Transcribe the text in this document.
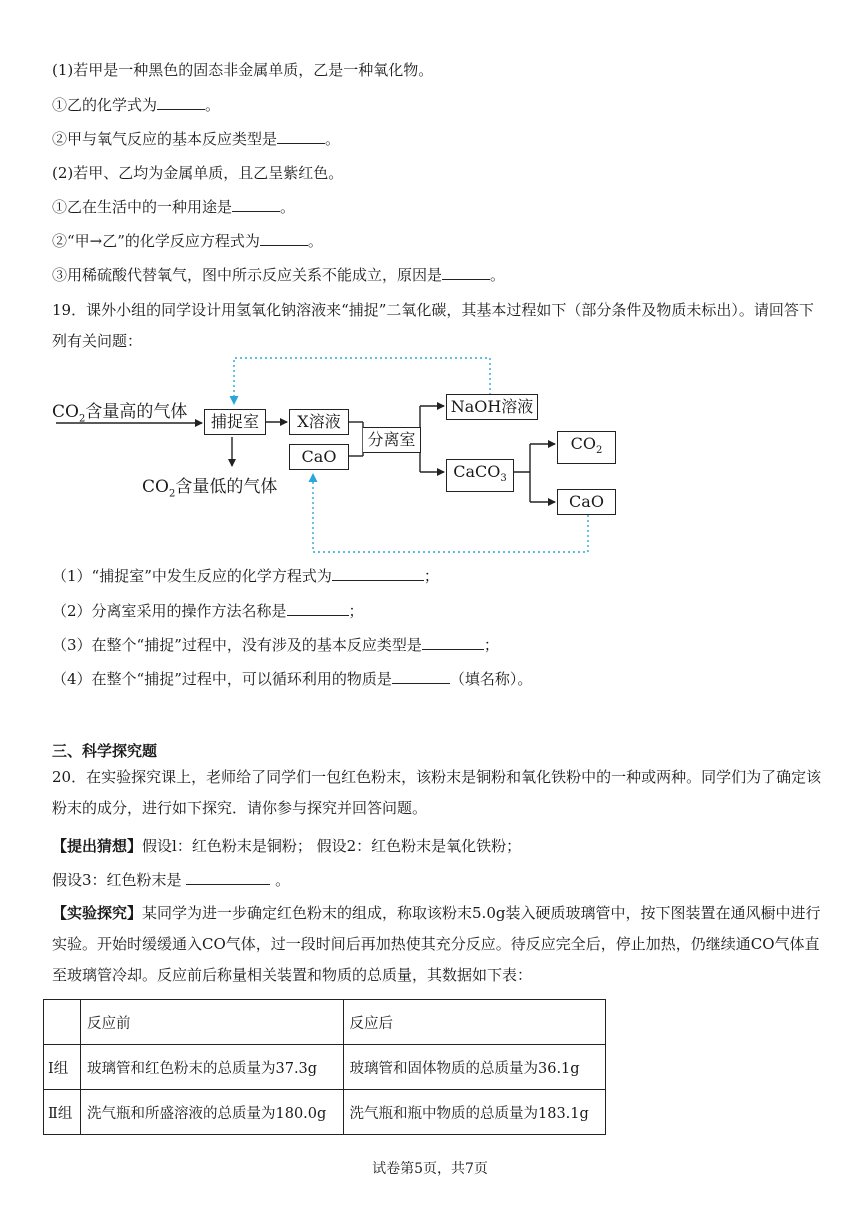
(1)若甲是一种黑色的固态非金属单质，乙是一种氧化物。
①乙的化学式为	。
②甲与氧气反应的基本反应类型是	。
(2)若甲、乙均为金属单质，且乙呈紫红色。
①乙在生活中的一种用途是	。
②“甲→乙”的化学反应方程式为	。
③用稀硫酸代替氧气，图中所示反应关系不能成立，原因是	。
19．课外小组的同学设计用氢氧化钠溶液来“捕捉”二氧化碳，其基本过程如下（部分条件及物质未标出）。请回答下列有关问题：
$CO_2$含量高的气体	捕捉室	X溶液
CaO
分离室
NaOH溶液
CaCO$_3$
$CO_2$
CaO
$CO_2$含量低的气体
（1）“捕捉室”中发生反应的化学方程式为	；
（2）分离室采用的操作方法名称是	；
（3）在整个“捕捉”过程中，没有涉及的基本反应类型是	；
（4）在整个“捕捉”过程中，可以循环利用的物质是	（填名称）。
三、科学探究题
20．在实验探究课上，老师给了同学们一包红色粉末，该粉末是铜粉和氧化铁粉中的一种或两种。同学们为了确定该粉末的成分，进行如下探究．请你参与探究并回答问题。
【提出猜想】假设l：红色粉末是铜粉； 假设2：红色粉末是氧化铁粉；
假设3：红色粉末是	。
【实验探究】某同学为进一步确定红色粉末的组成，称取该粉末5.0g装入硬质玻璃管中，按下图装置在通风橱中进行实验。开始时缓缓通入CO气体，过一段时间后再加热使其充分反应。待反应完全后，停止加热，仍继续通CO气体直至玻璃管冷却。反应前后称量相关装置和物质的总质量，其数据如下表：
	反应前	反应后
Ⅰ组	玻璃管和红色粉末的总质量为37.3g	玻璃管和固体物质的总质量为36.1g
Ⅱ组	洗气瓶和所盛溶液的总质量为180.0g	洗气瓶和瓶中物质的总质量为183.1g
试卷第5页，共7页
